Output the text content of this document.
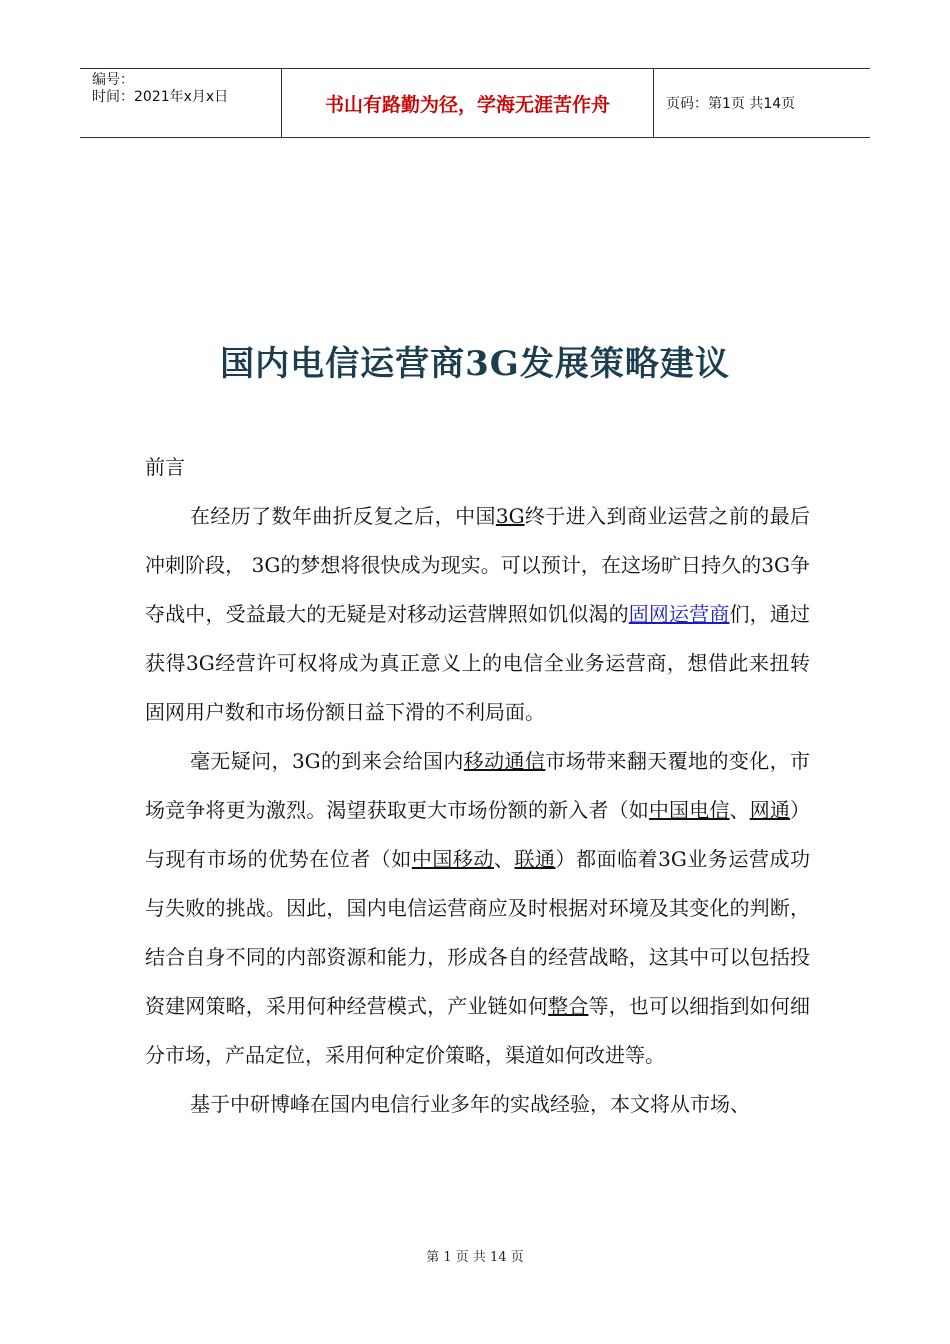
编号：
时间：2021年x月x日	书山有路勤为径，学海无涯苦作舟	页码：第1页 共14页
国内电信运营商3G发展策略建议

前言

在经历了数年曲折反复之后，中国3G终于进入到商业运营之前的最后冲刺阶段， 3G的梦想将很快成为现实。可以预计，在这场旷日持久的3G争夺战中，受益最大的无疑是对移动运营牌照如饥似渴的固网运营商们，通过获得3G经营许可权将成为真正意义上的电信全业务运营商，想借此来扭转固网用户数和市场份额日益下滑的不利局面。

毫无疑问，3G的到来会给国内移动通信市场带来翻天覆地的变化，市场竞争将更为激烈。渴望获取更大市场份额的新入者（如中国电信、网通）与现有市场的优势在位者（如中国移动、联通）都面临着3G业务运营成功与失败的挑战。因此，国内电信运营商应及时根据对环境及其变化的判断，结合自身不同的内部资源和能力，形成各自的经营战略，这其中可以包括投资建网策略，采用何种经营模式，产业链如何整合等，也可以细指到如何细分市场，产品定位，采用何种定价策略，渠道如何改进等。

基于中研博峰在国内电信行业多年的实战经验，本文将从市场、

第 1 页 共 14 页
